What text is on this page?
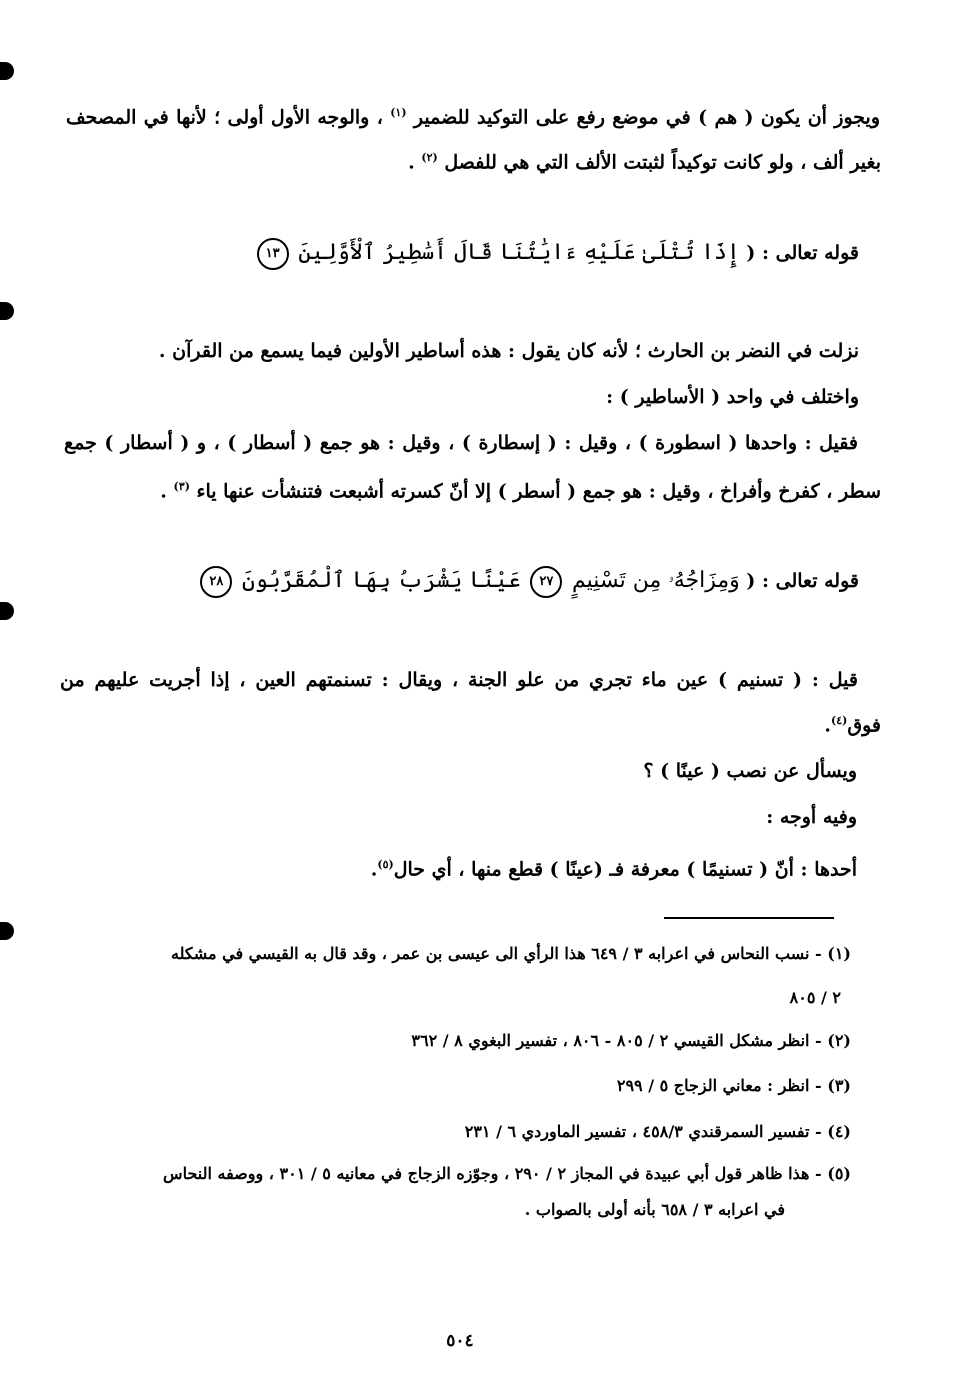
ويجوز أن يكون ( هم ) في موضع رفع على التوكيد للضمير $^{(١)}$ ، والوجه الأول أولى ؛ لأنها في المصحف
بغير ألف ، ولو كانت توكيداً لثبتت الألف التي هي للفصل $^{(٢)}$ .
قوله تعالى : ( إِذَا تُتْلَىٰ عَلَيْهِ ءَايَٰتُنَا قَالَ أَسَٰطِيرُ ٱلْأَوَّلِينَ ١٣
نزلت في النضر بن الحارث ؛ لأنه كان يقول : هذه أساطير الأولين فيما يسمع من القرآن .
واختلف في واحد ( الأساطير ) :
فقيل : واحدها ( اسطورة ) ، وقيل : ( إسطارة ) ، وقيل : هو جمع ( أسطار ) ، و ( أسطار ) جمع
سطر ، كفرخ وأفراخ ، وقيل : هو جمع ( أسطر ) إلا أنّ كسرته أشبعت فتنشأت عنها ياء $^{(٣)}$ .
قوله تعالى : ( وَمِزَاجُهُۥ مِن تَسْنِيمٍ ٢٧ عَيْنًا يَشْرَبُ بِهَا ٱلْمُقَرَّبُونَ ٢٨
قيل : ( تسنيم ) عين ماء تجري من علو الجنة ، ويقال : تسنمتهم العين ، إذا أجريت عليهم من
فوق$^{(٤)}$.
ويسأل عن نصب ( عينًا ) ؟
وفيه أوجه :
أحدها : أنّ ( تسنيمًا ) معرفة فـ (عينًا ) قطع منها ، أي حال$^{(٥)}$.
(١) - نسب النحاس في اعرابه ٣ / ٦٤٩ هذا الرأي الى عيسى بن عمر ، وقد قال به القيسي في مشكله
٢ / ٨٠٥
(٢) - انظر مشكل القيسي ٢ / ٨٠٥ - ٨٠٦ ، تفسير البغوي ٨ / ٣٦٢
(٣) - انظر : معاني الزجاج ٥ / ٢٩٩
(٤) - تفسير السمرقندي ٤٥٨/٣ ، تفسير الماوردي ٦ / ٢٣١
(٥) - هذا ظاهر قول أبي عبيدة في المجاز ٢ / ٢٩٠ ، وجوّزه الزجاج في معانيه ٥ / ٣٠١ ، ووصفه النحاس
في اعرابه ٣ / ٦٥٨ بأنه أولى بالصواب .
٥٠٤
